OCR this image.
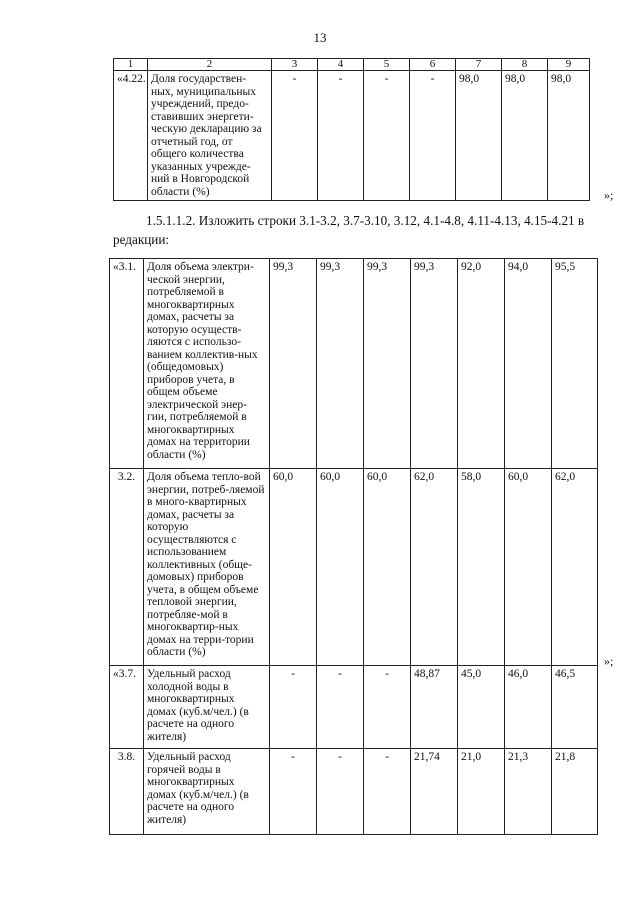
13
1	2	3	4	5	6	7	8	9
«4.22.	Доля государствен-ных, муниципальных учреждений, предо-ставивших энергети-ческую декларацию за отчетный год, от общего количества указанных учрежде-ний в Новгородской области (%)	-	-	-	-	98,0	98,0	98,0
»;
1.5.1.1.2. Изложить строки 3.1-3.2, 3.7-3.10, 3.12, 4.1-4.8, 4.11-4.13, 4.15-4.21 в редакции:
«3.1.	Доля объема электри-ческой энергии, потребляемой в многоквартирных домах, расчеты за которую осуществ-ляются с использо-ванием коллектив-ных (общедомовых) приборов учета, в общем объеме электрической энер-гии, потребляемой в многоквартирных домах на территории области (%)	99,3	99,3	99,3	99,3	92,0	94,0	95,5
3.2.	Доля объема тепло-вой энергии, потреб-ляемой в много-квартирных домах, расчеты за которую осуществляются с использованием коллективных (обще-домовых) приборов учета, в общем объеме тепловой энергии, потребляе-мой в многоквартир-ных домах на терри-тории области (%)	60,0	60,0	60,0	62,0	58,0	60,0	62,0
«3.7.	Удельный расход холодной воды в многоквартирных домах (куб.м/чел.) (в расчете на одного жителя)	-	-	-	48,87	45,0	46,0	46,5
3.8.	Удельный расход горячей воды в многоквартирных домах (куб.м/чел.) (в расчете на одного жителя)	-	-	-	21,74	21,0	21,3	21,8
»;
